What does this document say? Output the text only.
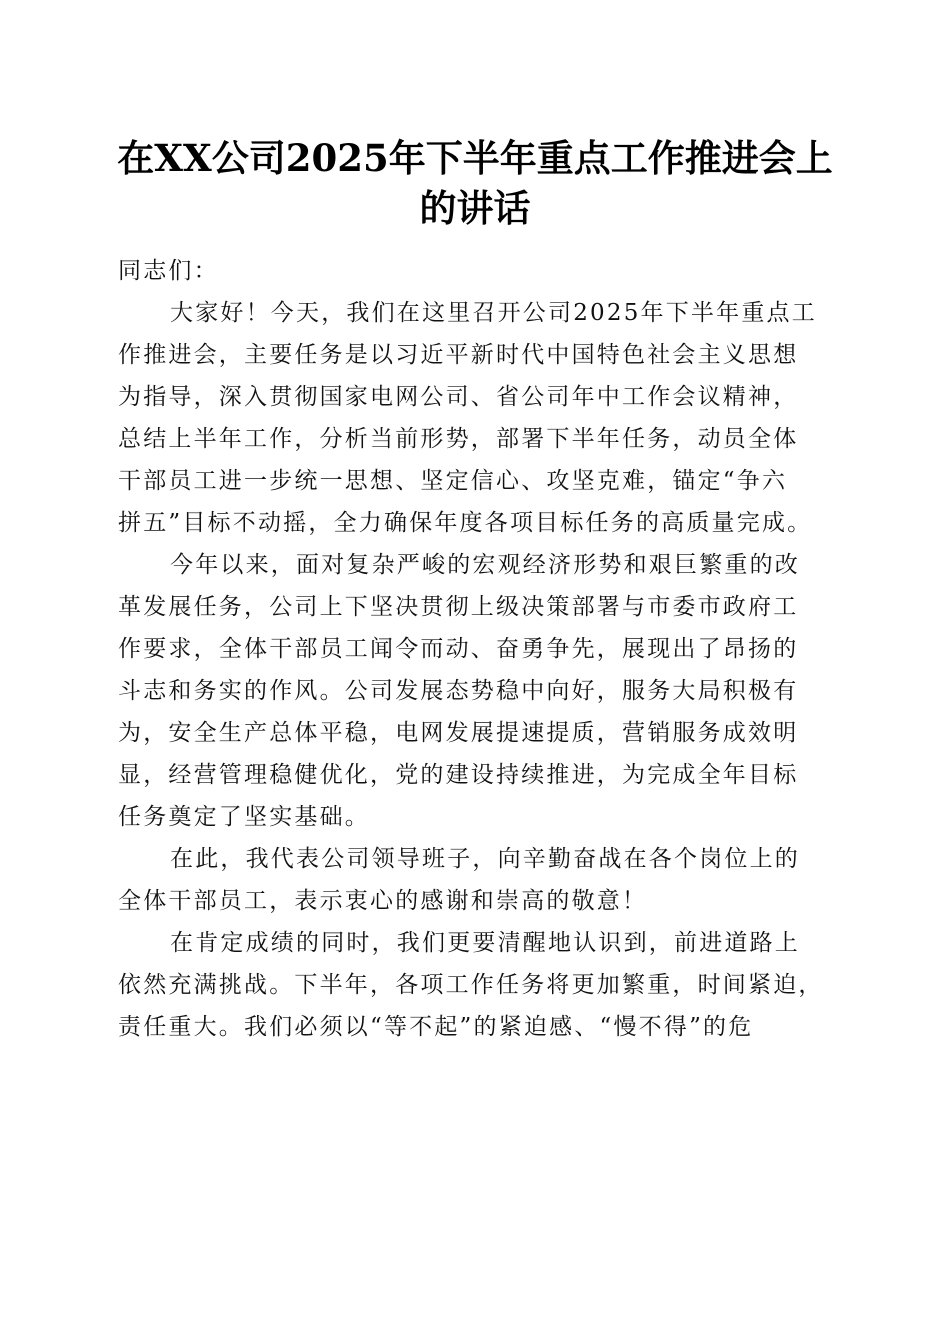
在XX公司2025年下半年重点工作推进会上
的讲话
同志们：
大家好！今天，我们在这里召开公司2025年下半年重点工
作推进会，主要任务是以习近平新时代中国特色社会主义思想
为指导，深入贯彻国家电网公司、省公司年中工作会议精神，
总结上半年工作，分析当前形势，部署下半年任务，动员全体
干部员工进一步统一思想、坚定信心、攻坚克难，锚定“争六
拼五”目标不动摇，全力确保年度各项目标任务的高质量完成。
今年以来，面对复杂严峻的宏观经济形势和艰巨繁重的改
革发展任务，公司上下坚决贯彻上级决策部署与市委市政府工
作要求，全体干部员工闻令而动、奋勇争先，展现出了昂扬的
斗志和务实的作风。公司发展态势稳中向好，服务大局积极有
为，安全生产总体平稳，电网发展提速提质，营销服务成效明
显，经营管理稳健优化，党的建设持续推进，为完成全年目标
任务奠定了坚实基础。
在此，我代表公司领导班子，向辛勤奋战在各个岗位上的
全体干部员工，表示衷心的感谢和崇高的敬意！
在肯定成绩的同时，我们更要清醒地认识到，前进道路上
依然充满挑战。下半年，各项工作任务将更加繁重，时间紧迫，
责任重大。我们必须以“等不起”的紧迫感、“慢不得”的危
